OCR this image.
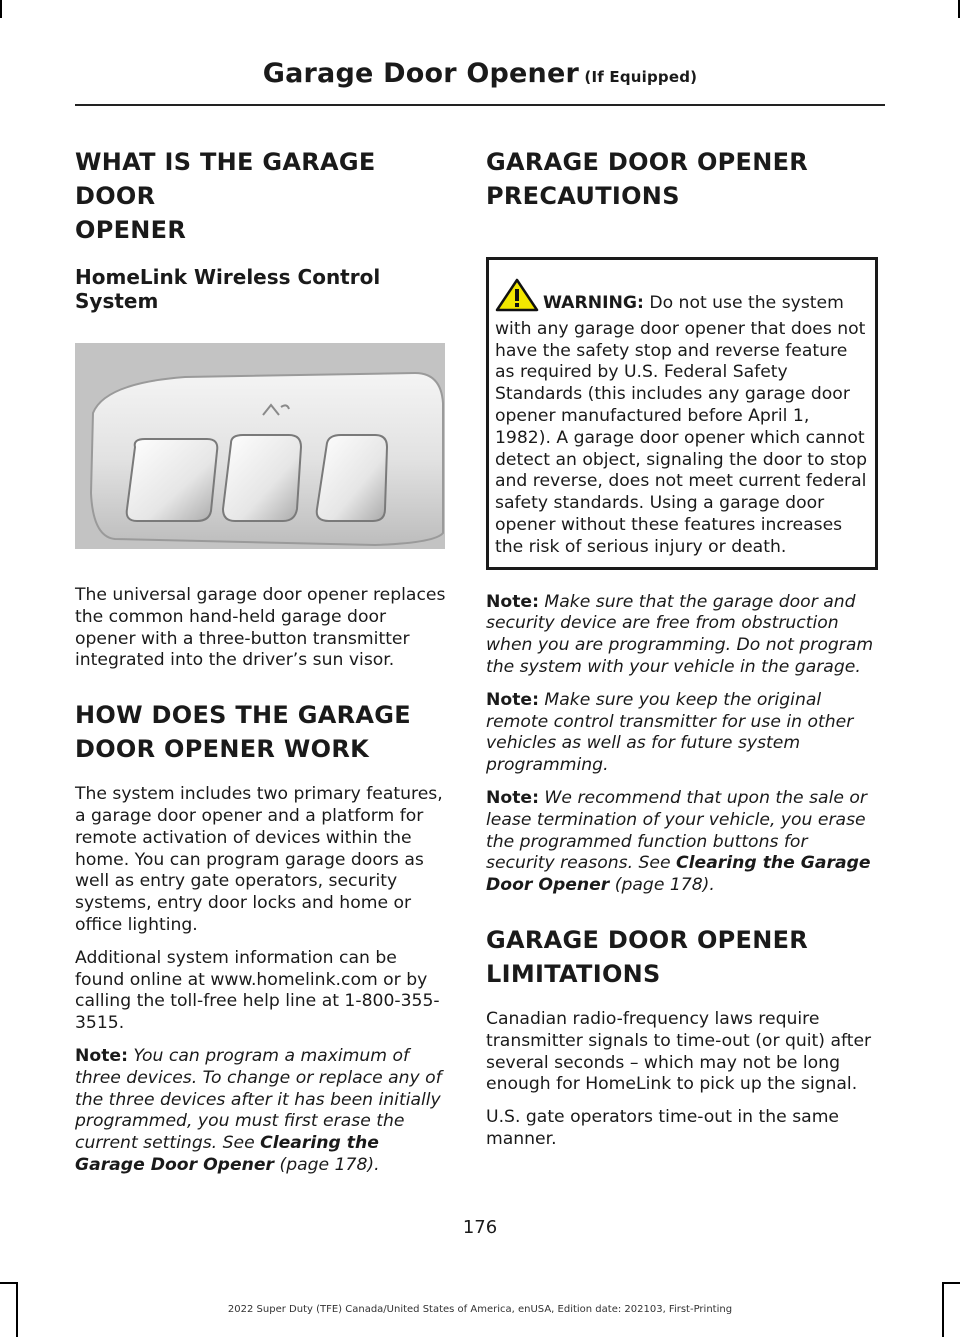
Garage Door Opener (If Equipped)
WHAT IS THE GARAGE DOOR
OPENER
HomeLink Wireless Control System

The universal garage door opener replaces the common hand-held garage door opener with a three-button transmitter integrated into the driver’s sun visor.

HOW DOES THE GARAGE
DOOR OPENER WORK

The system includes two primary features, a garage door opener and a platform for remote activation of devices within the home. You can program garage doors as well as entry gate operators, security systems, entry door locks and home or office lighting.

Additional system information can be found online at www.homelink.com or by calling the toll-free help line at 1-800-355-3515.

Note: You can program a maximum of three devices. To change or replace any of the three devices after it has been initially programmed, you must first erase the current settings. See Clearing the Garage Door Opener (page 178).

GARAGE DOOR OPENER
PRECAUTIONS

WARNING: Do not use the system with any garage door opener that does not have the safety stop and reverse feature as required by U.S. Federal Safety Standards (this includes any garage door opener manufactured before April 1, 1982). A garage door opener which cannot detect an object, signaling the door to stop and reverse, does not meet current federal safety standards. Using a garage door opener without these features increases the risk of serious injury or death.

Note: Make sure that the garage door and security device are free from obstruction when you are programming. Do not program the system with your vehicle in the garage.

Note: Make sure you keep the original remote control transmitter for use in other vehicles as well as for future system programming.

Note: We recommend that upon the sale or lease termination of your vehicle, you erase the programmed function buttons for security reasons. See Clearing the Garage Door Opener (page 178).

GARAGE DOOR OPENER
LIMITATIONS

Canadian radio-frequency laws require transmitter signals to time-out (or quit) after several seconds – which may not be long enough for HomeLink to pick up the signal.

U.S. gate operators time-out in the same manner.

176
2022 Super Duty (TFE) Canada/United States of America, enUSA, Edition date: 202103, First-Printing
